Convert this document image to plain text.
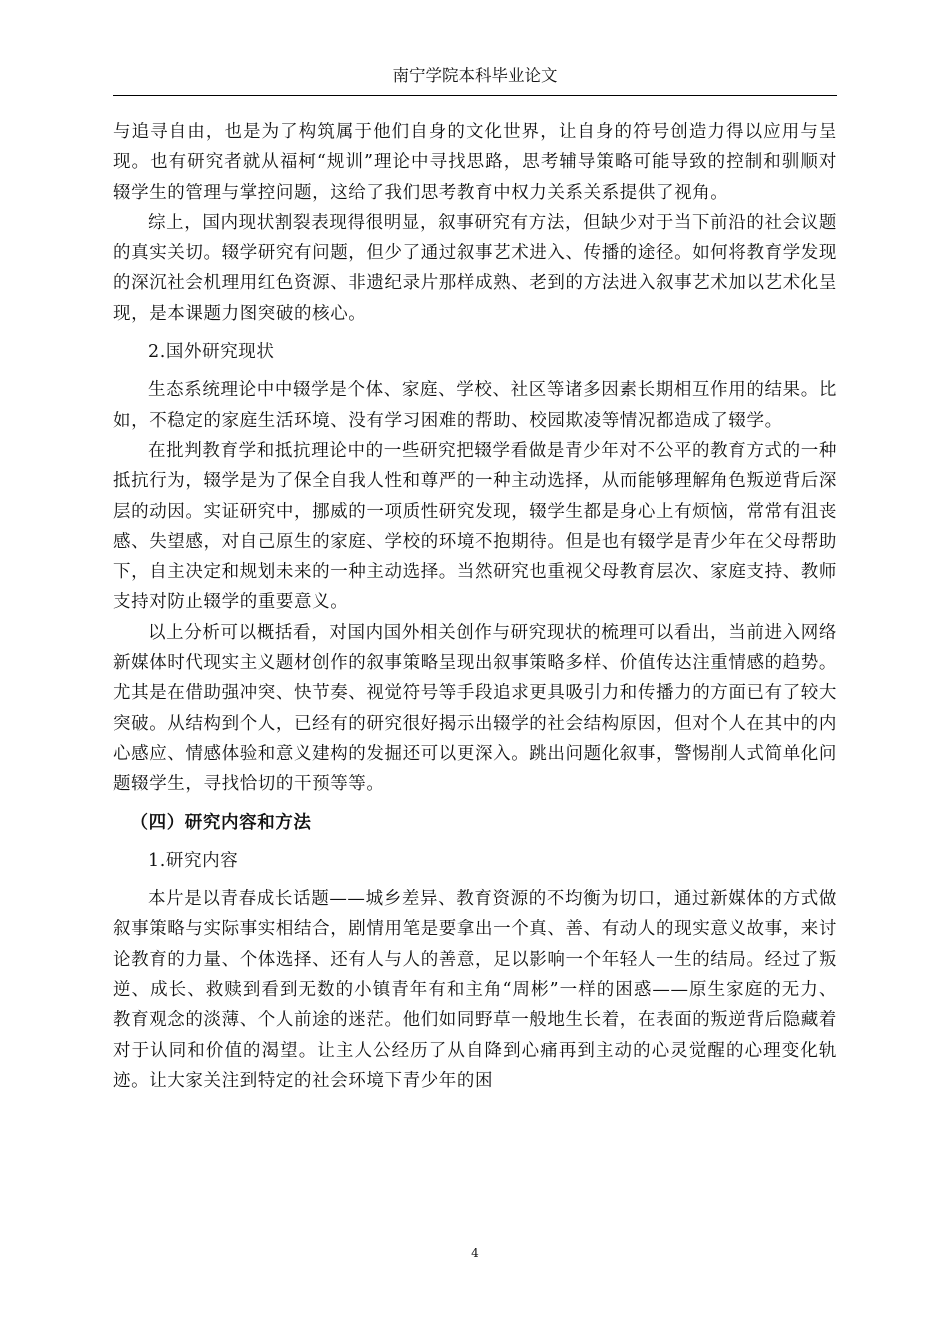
南宁学院本科毕业论文

与追寻自由，也是为了构筑属于他们自身的文化世界，让自身的符号创造力得以应用与呈现。也有研究者就从福柯“规训”理论中寻找思路，思考辅导策略可能导致的控制和驯顺对辍学生的管理与掌控问题，这给了我们思考教育中权力关系关系提供了视角。

综上，国内现状割裂表现得很明显，叙事研究有方法，但缺少对于当下前沿的社会议题的真实关切。辍学研究有问题，但少了通过叙事艺术进入、传播的途径。如何将教育学发现的深沉社会机理用红色资源、非遗纪录片那样成熟、老到的方法进入叙事艺术加以艺术化呈现，是本课题力图突破的核心。

2.国外研究现状

生态系统理论中中辍学是个体、家庭、学校、社区等诸多因素长期相互作用的结果。比如，不稳定的家庭生活环境、没有学习困难的帮助、校园欺凌等情况都造成了辍学。

在批判教育学和抵抗理论中的一些研究把辍学看做是青少年对不公平的教育方式的一种抵抗行为，辍学是为了保全自我人性和尊严的一种主动选择，从而能够理解角色叛逆背后深层的动因。实证研究中，挪威的一项质性研究发现，辍学生都是身心上有烦恼，常常有沮丧感、失望感，对自己原生的家庭、学校的环境不抱期待。但是也有辍学是青少年在父母帮助下，自主决定和规划未来的一种主动选择。当然研究也重视父母教育层次、家庭支持、教师支持对防止辍学的重要意义。

以上分析可以概括看，对国内国外相关创作与研究现状的梳理可以看出，当前进入网络新媒体时代现实主义题材创作的叙事策略呈现出叙事策略多样、价值传达注重情感的趋势。尤其是在借助强冲突、快节奏、视觉符号等手段追求更具吸引力和传播力的方面已有了较大突破。从结构到个人，已经有的研究很好揭示出辍学的社会结构原因，但对个人在其中的内心感应、情感体验和意义建构的发掘还可以更深入。跳出问题化叙事，警惕削人式简单化问题辍学生，寻找恰切的干预等等。

（四）研究内容和方法

1.研究内容

本片是以青春成长话题——城乡差异、教育资源的不均衡为切口，通过新媒体的方式做叙事策略与实际事实相结合，剧情用笔是要拿出一个真、善、有动人的现实意义故事，来讨论教育的力量、个体选择、还有人与人的善意，足以影响一个年轻人一生的结局。经过了叛逆、成长、救赎到看到无数的小镇青年有和主角“周彬”一样的困惑——原生家庭的无力、教育观念的淡薄、个人前途的迷茫。他们如同野草一般地生长着，在表面的叛逆背后隐藏着对于认同和价值的渴望。让主人公经历了从自降到心痛再到主动的心灵觉醒的心理变化轨迹。让大家关注到特定的社会环境下青少年的困

4
